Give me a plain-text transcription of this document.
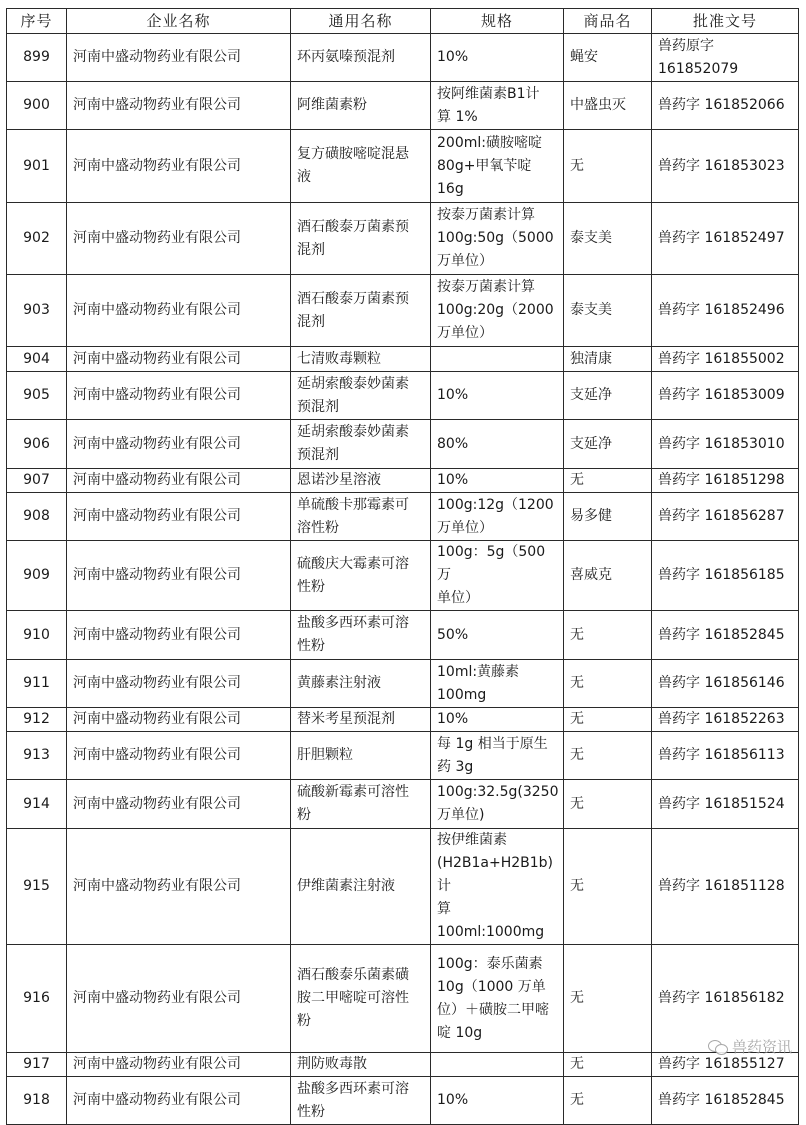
序号	企业名称	通用名称	规格	商品名	批准文号
899	河南中盛动物药业有限公司	环丙氨嗪预混剂	10%	蝇安	兽药原字
161852079

900	河南中盛动物药业有限公司	阿维菌素粉	按阿维菌素B1计
算 1%	中盛虫灭	兽药字 161852066

901	河南中盛动物药业有限公司	复方磺胺嘧啶混悬
液	200ml:磺胺嘧啶
80g+甲氧苄啶
16g	无	兽药字 161853023

902	河南中盛动物药业有限公司	酒石酸泰万菌素预
混剂	按泰万菌素计算
100g:50g（5000
万单位）	泰支美	兽药字 161852497

903	河南中盛动物药业有限公司	酒石酸泰万菌素预
混剂	按泰万菌素计算
100g:20g（2000
万单位）	泰支美	兽药字 161852496

904	河南中盛动物药业有限公司	七清败毒颗粒		独清康	兽药字 161855002

905	河南中盛动物药业有限公司	延胡索酸泰妙菌素
预混剂	10%	支延净	兽药字 161853009

906	河南中盛动物药业有限公司	延胡索酸泰妙菌素
预混剂	80%	支延净	兽药字 161853010

907	河南中盛动物药业有限公司	恩诺沙星溶液	10%	无	兽药字 161851298

908	河南中盛动物药业有限公司	单硫酸卡那霉素可
溶性粉	100g:12g（1200
万单位）	易多健	兽药字 161856287

909	河南中盛动物药业有限公司	硫酸庆大霉素可溶
性粉	100g：5g（500 万
单位）	喜威克	兽药字 161856185

910	河南中盛动物药业有限公司	盐酸多西环素可溶
性粉	50%	无	兽药字 161852845

911	河南中盛动物药业有限公司	黄藤素注射液	10ml:黄藤素
100mg	无	兽药字 161856146

912	河南中盛动物药业有限公司	替米考星预混剂	10%	无	兽药字 161852263

913	河南中盛动物药业有限公司	肝胆颗粒	每 1g 相当于原生
药 3g	无	兽药字 161856113

914	河南中盛动物药业有限公司	硫酸新霉素可溶性
粉	100g:32.5g(3250
万单位)	无	兽药字 161851524

915	河南中盛动物药业有限公司	伊维菌素注射液	按伊维菌素
(H2B1a+H2B1b)计
算 100ml:1000mg	无	兽药字 161851128

916	河南中盛动物药业有限公司	酒石酸泰乐菌素磺
胺二甲嘧啶可溶性
粉	100g：泰乐菌素
10g（1000 万单
位）＋磺胺二甲嘧
啶 10g	无	兽药字 161856182

917	河南中盛动物药业有限公司	荆防败毒散		无	兽药字 161855127

918	河南中盛动物药业有限公司	盐酸多西环素可溶
性粉	10%	无	兽药字 161852845
兽药资讯
